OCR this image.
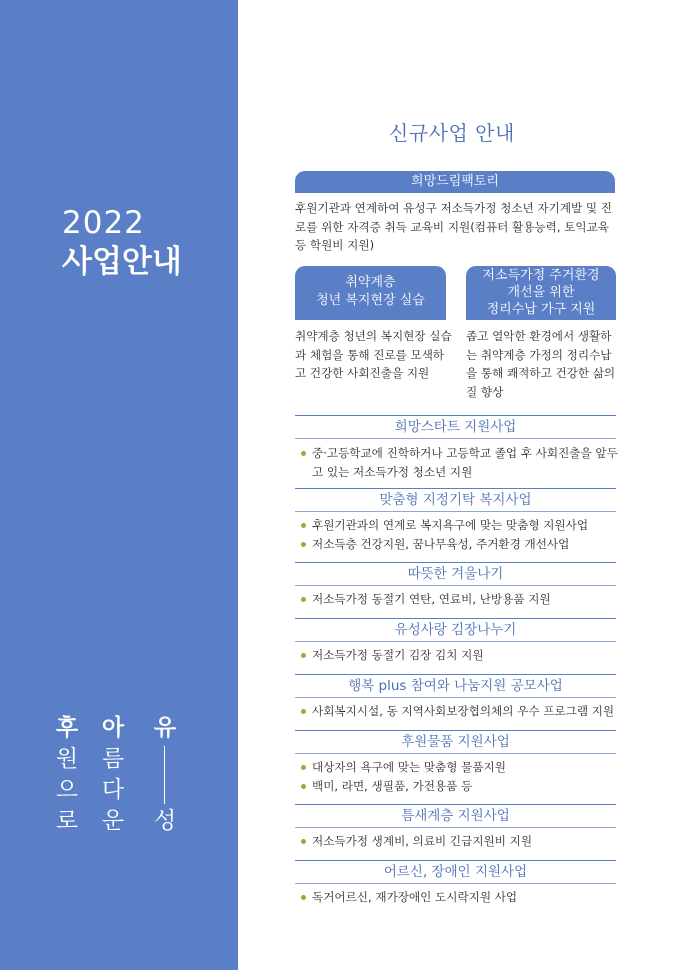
2022
사업안내
후
원
으
로
아
름
다
운
유
성
신규사업 안내
희망드림팩토리
후원기관과 연계하여 유성구 저소득가정 청소년 자기계발 및 진로를 위한 자격증 취득 교육비 지원(컴퓨터 활용능력, 토익교육 등 학원비 지원)
취약계층
청년 복지현장 실습
취약계층 청년의 복지현장 실습과 체험을 통해 진로를 모색하고 건강한 사회진출을 지원
저소득가정 주거환경
개선을 위한
정리수납 가구 지원
좁고 열악한 환경에서 생활하는 취약계층 가정의 정리수납을 통해 쾌적하고 건강한 삶의 질 향상
희망스타트 지원사업
중·고등학교에 진학하거나 고등학교 졸업 후 사회진출을 앞두고 있는 저소득가정 청소년 지원
맞춤형 지정기탁 복지사업
후원기관과의 연계로 복지욕구에 맞는 맞춤형 지원사업
저소득층 건강지원, 꿈나무육성, 주거환경 개선사업
따뜻한 겨울나기
저소득가정 동절기 연탄, 연료비, 난방용품 지원
유성사랑 김장나누기
저소득가정 동절기 김장 김치 지원
행복 plus 참여와 나눔지원 공모사업
사회복지시설, 동 지역사회보장협의체의 우수 프로그램 지원
후원물품 지원사업
대상자의 욕구에 맞는 맞춤형 물품지원
백미, 라면, 생필품, 가전용품 등
틈새계층 지원사업
저소득가정 생계비, 의료비 긴급지원비 지원
어르신, 장애인 지원사업
독거어르신, 재가장애인 도시락지원 사업
